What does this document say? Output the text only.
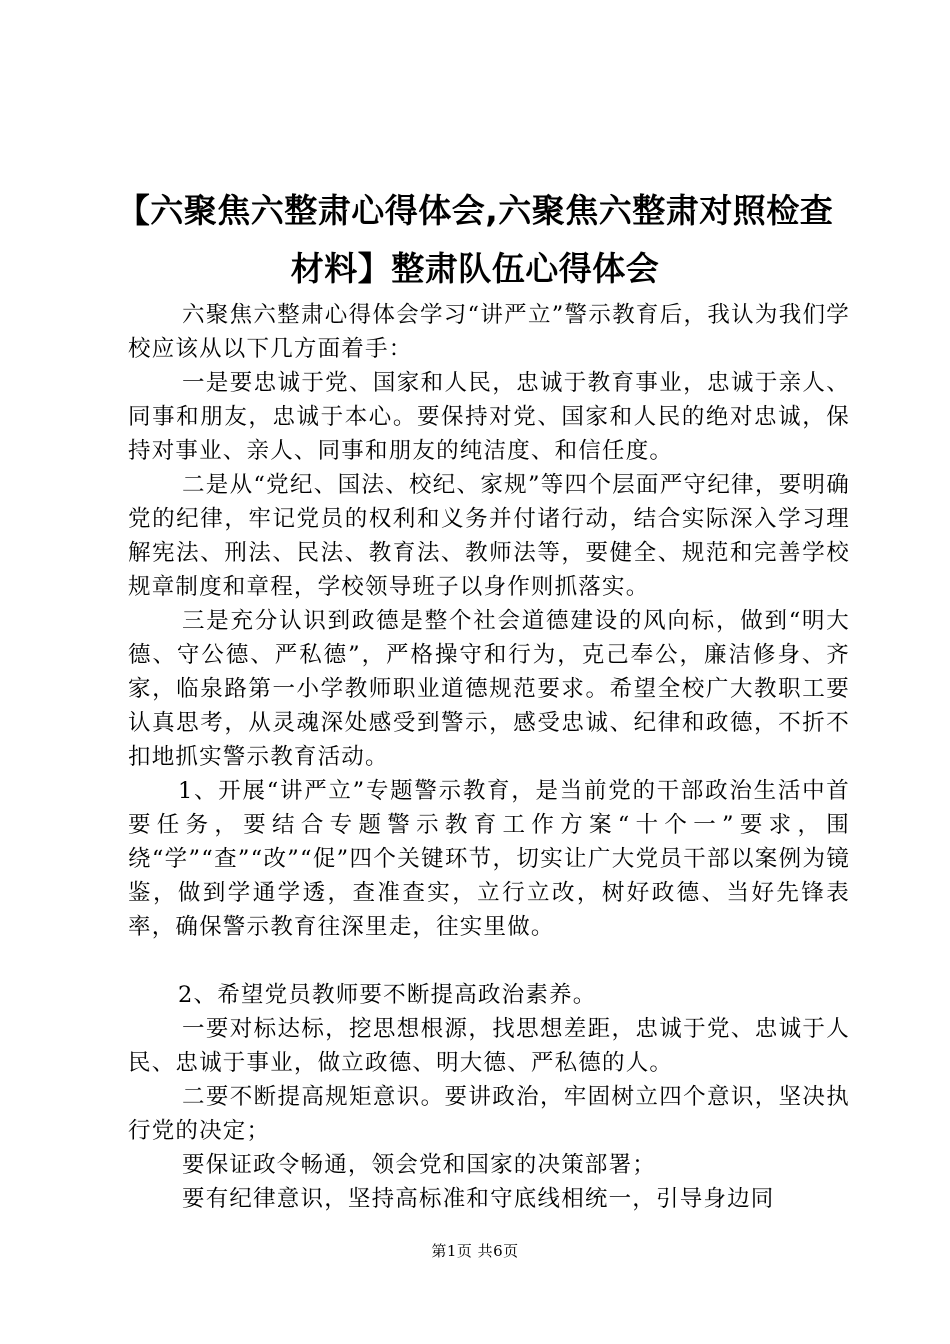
【六聚焦六整肃心得体会,六聚焦六整肃对照检查材料】整肃队伍心得体会

六聚焦六整肃心得体会学习“讲严立”警示教育后，我认为我们学校应该从以下几方面着手：

一是要忠诚于党、国家和人民，忠诚于教育事业，忠诚于亲人、同事和朋友，忠诚于本心。要保持对党、国家和人民的绝对忠诚，保持对事业、亲人、同事和朋友的纯洁度、和信任度。

二是从“党纪、国法、校纪、家规”等四个层面严守纪律，要明确党的纪律，牢记党员的权利和义务并付诸行动，结合实际深入学习理解宪法、刑法、民法、教育法、教师法等，要健全、规范和完善学校规章制度和章程，学校领导班子以身作则抓落实。

三是充分认识到政德是整个社会道德建设的风向标，做到“明大德、守公德、严私德”，严格操守和行为，克己奉公，廉洁修身、齐家，临泉路第一小学教师职业道德规范要求。希望全校广大教职工要认真思考，从灵魂深处感受到警示，感受忠诚、纪律和政德，不折不扣地抓实警示教育活动。

1、开展“讲严立”专题警示教育，是当前党的干部政治生活中首要任务，要结合专题警示教育工作方案“十个一”要求，围绕“学”“查”“改”“促”四个关键环节，切实让广大党员干部以案例为镜鉴，做到学通学透，查准查实，立行立改，树好政德、当好先锋表率，确保警示教育往深里走，往实里做。

2、希望党员教师要不断提高政治素养。

一要对标达标，挖思想根源，找思想差距，忠诚于党、忠诚于人民、忠诚于事业，做立政德、明大德、严私德的人。

二要不断提高规矩意识。要讲政治，牢固树立四个意识，坚决执行党的决定；

要保证政令畅通，领会党和国家的决策部署；

要有纪律意识，坚持高标准和守底线相统一，引导身边同

第1页 共6页
